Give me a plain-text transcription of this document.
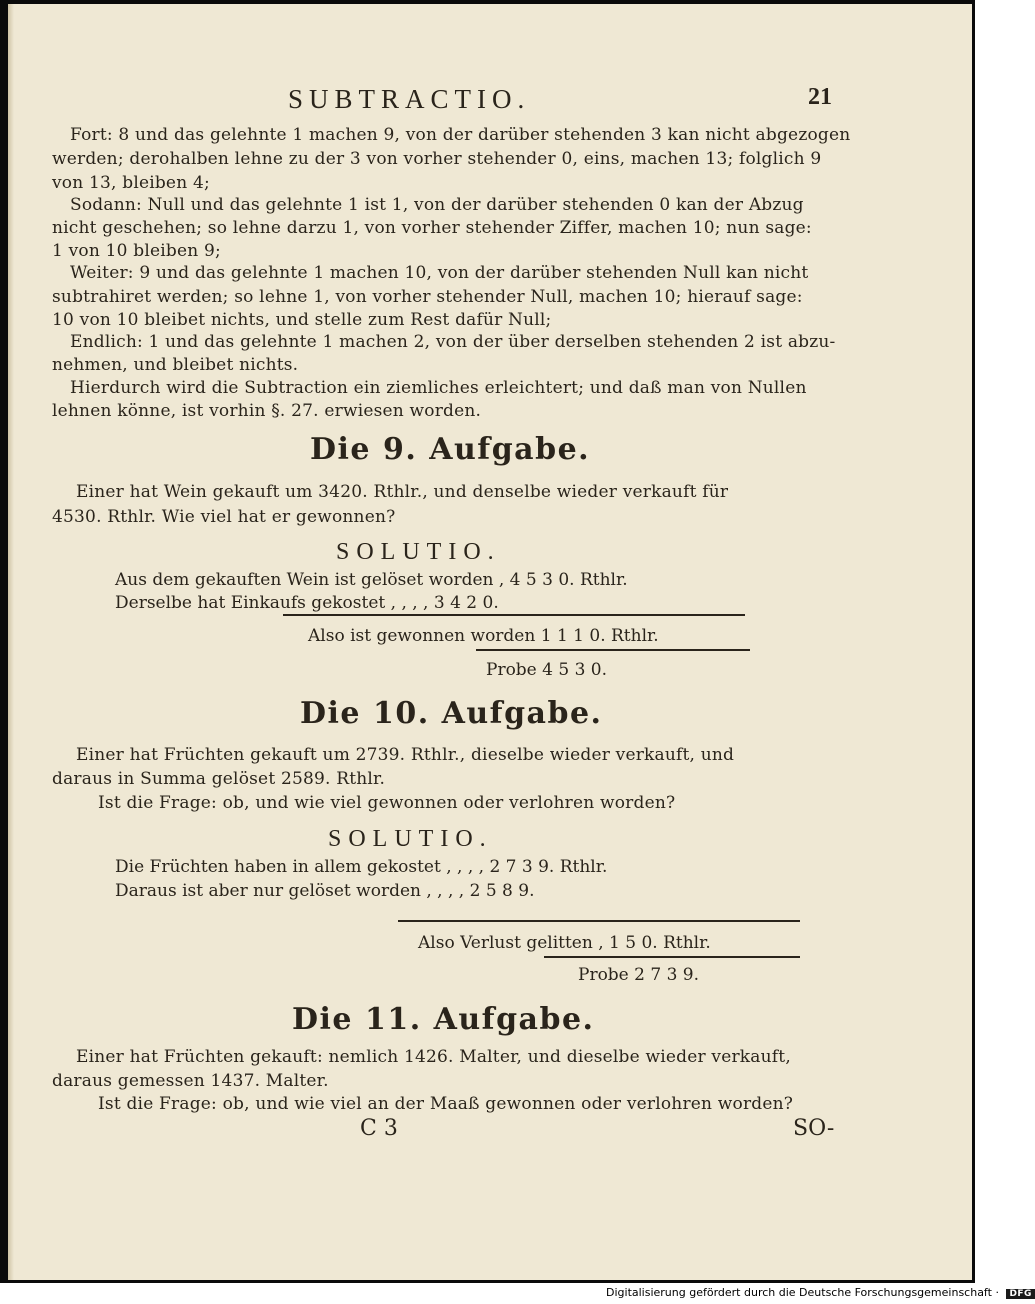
SUBTRACTIO.	21
Fort: 8 und das gelehnte 1 machen 9, von der darüber stehenden 3 kan nicht abgezogen
werden; derohalben lehne zu der 3 von vorher stehender 0, eins, machen 13; folglich 9
von 13, bleiben 4;
Sodann: Null und das gelehnte 1 ist 1, von der darüber stehenden 0 kan der Abzug
nicht geschehen; so lehne darzu 1, von vorher stehender Ziffer, machen 10; nun sage:
1 von 10 bleiben 9;
Weiter: 9 und das gelehnte 1 machen 10, von der darüber stehenden Null kan nicht
subtrahiret werden; so lehne 1, von vorher stehender Null, machen 10; hierauf sage:
10 von 10 bleibet nichts, und stelle zum Rest dafür Null;
Endlich: 1 und das gelehnte 1 machen 2, von der über derselben stehenden 2 ist abzu-
nehmen, und bleibet nichts.
Hierdurch wird die Subtraction ein ziemliches erleichtert; und daß man von Nullen
lehnen könne, ist vorhin §. 27. erwiesen worden.
Die 9. Aufgabe.
Einer hat Wein gekauft um 3420. Rthlr., und denselbe wieder verkauft für
4530. Rthlr. Wie viel hat er gewonnen?
SOLUTIO.
Aus dem gekauften Wein ist gelöset worden , 4 5 3 0. Rthlr.
Derselbe hat Einkaufs gekostet , , , , 3 4 2 0.
Also ist gewonnen worden 1 1 1 0. Rthlr.
Probe 4 5 3 0.
Die 10. Aufgabe.
Einer hat Früchten gekauft um 2739. Rthlr., dieselbe wieder verkauft, und
daraus in Summa gelöset 2589. Rthlr.
Ist die Frage: ob, und wie viel gewonnen oder verlohren worden?
SOLUTIO.
Die Früchten haben in allem gekostet , , , , 2 7 3 9. Rthlr.
Daraus ist aber nur gelöset worden , , , , 2 5 8 9.
Also Verlust gelitten , 1 5 0. Rthlr.
Probe 2 7 3 9.
Die 11. Aufgabe.
Einer hat Früchten gekauft: nemlich 1426. Malter, und dieselbe wieder verkauft,
daraus gemessen 1437. Malter.
Ist die Frage: ob, und wie viel an der Maaß gewonnen oder verlohren worden?
C 3	SO-
Digitalisierung gefördert durch die Deutsche Forschungsgemeinschaft · DFG
